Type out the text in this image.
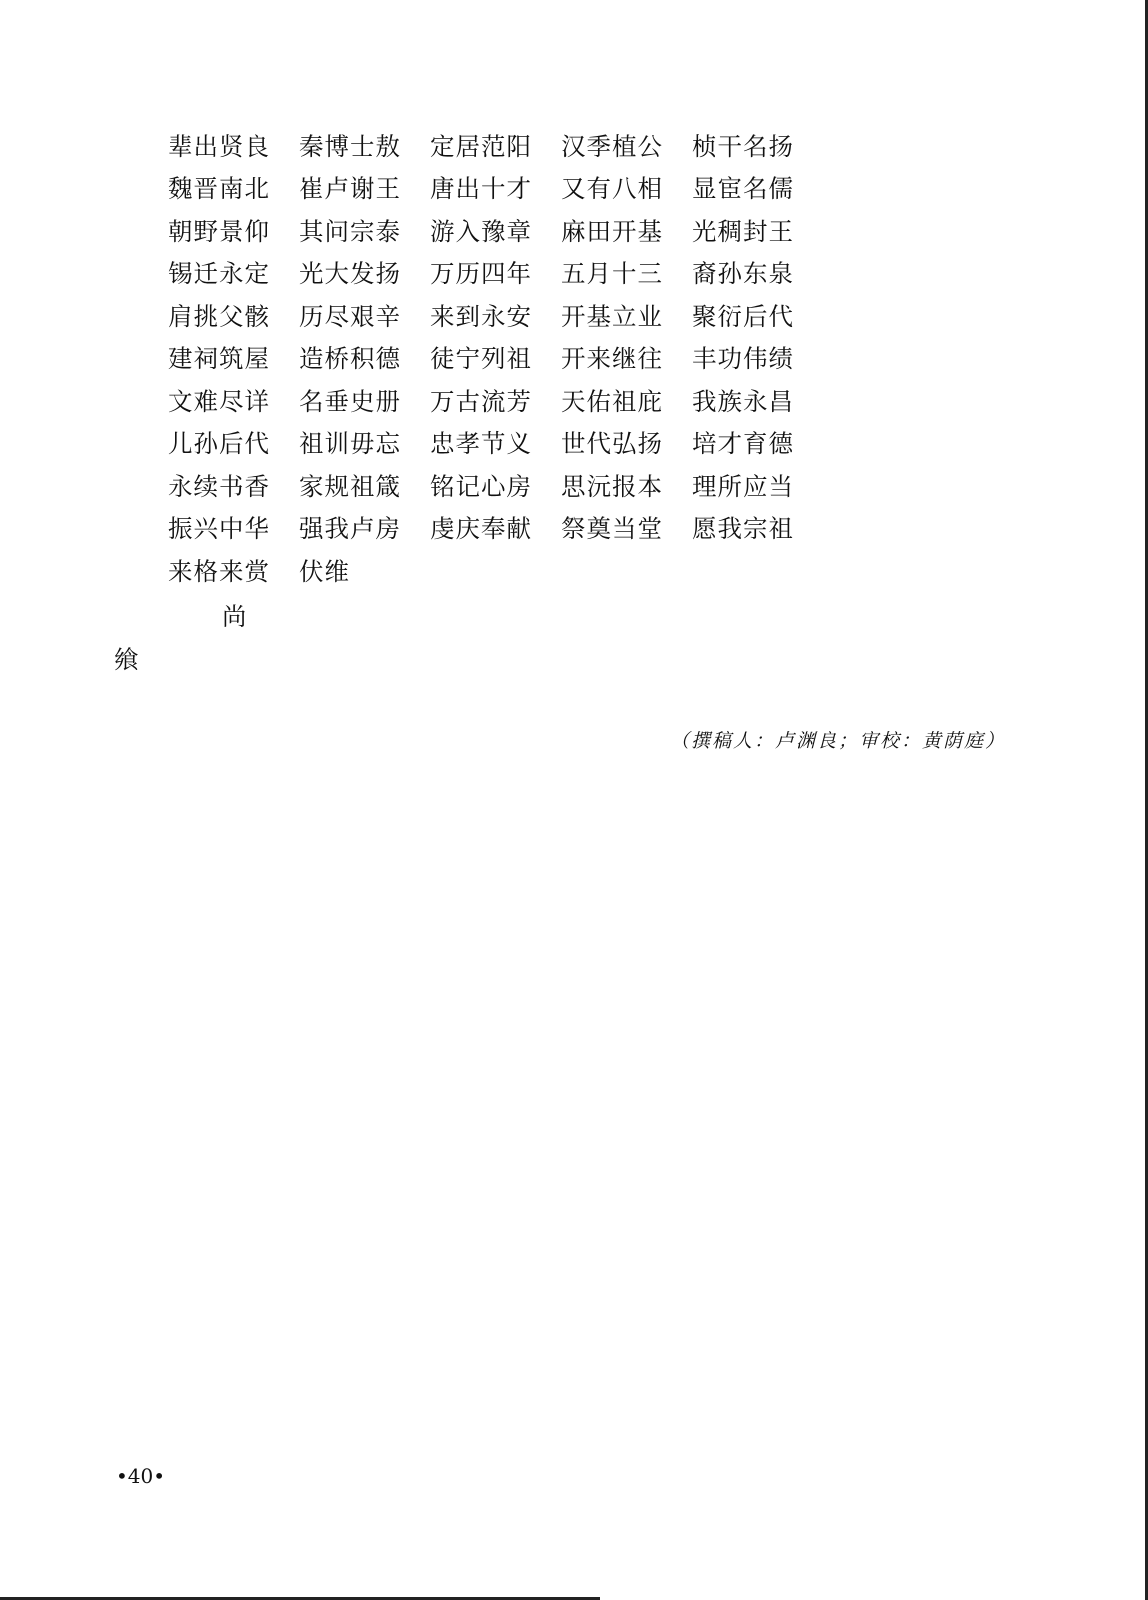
辈出贤良	秦博士敖	定居范阳	汉季植公	桢干名扬
魏晋南北	崔卢谢王	唐出十才	又有八相	显宦名儒
朝野景仰	其问宗泰	游入豫章	麻田开基	光稠封王
锡迁永定	光大发扬	万历四年	五月十三	裔孙东泉
肩挑父骸	历尽艰辛	来到永安	开基立业	聚衍后代
建祠筑屋	造桥积德	徒宁列祖	开来继往	丰功伟绩
文难尽详	名垂史册	万古流芳	天佑祖庇	我族永昌
儿孙后代	祖训毋忘	忠孝节义	世代弘扬	培才育德
永续书香	家规祖箴	铭记心房	思沅报本	理所应当
振兴中华	强我卢房	虔庆奉献	祭奠当堂	愿我宗祖
来格来赏	伏维
尚
飨
（撰稿人：卢渊良；审校：黄荫庭）
•40•
